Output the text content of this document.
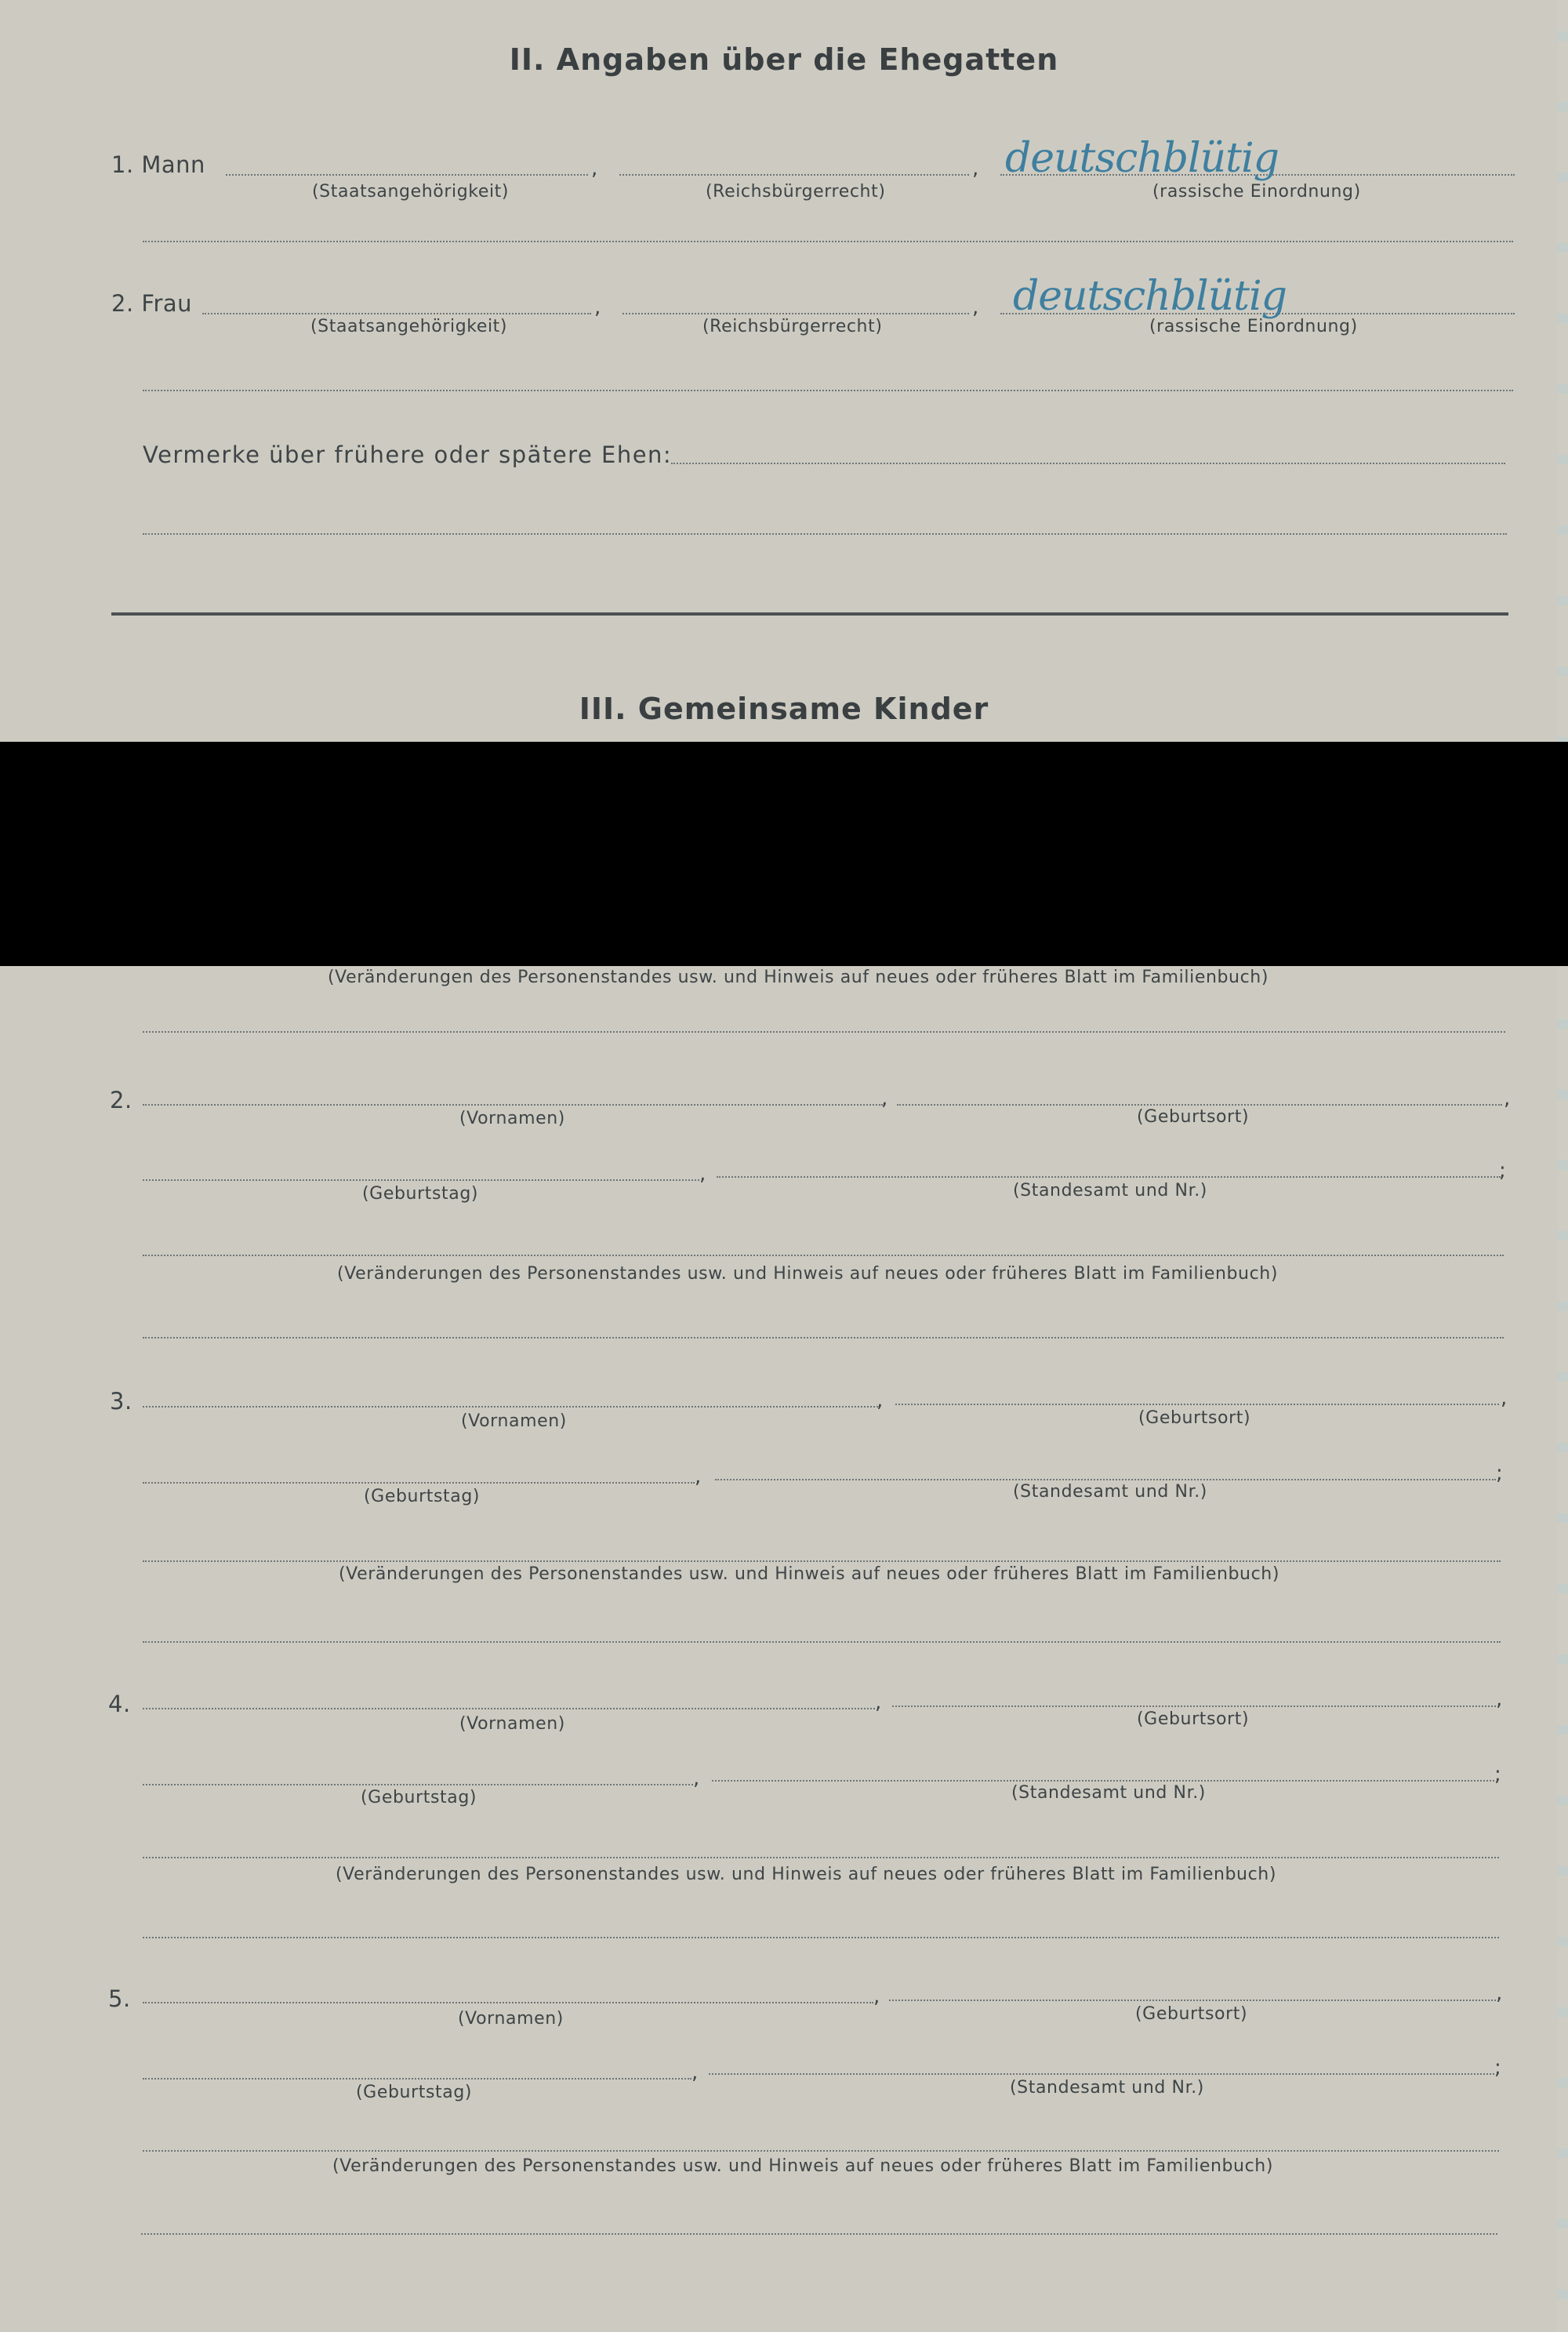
II. Angaben über die Ehegatten
1. Mann	,	, deutschblütig
(Staatsangehörigkeit)	(Reichsbürgerrecht)	(rassische Einordnung)
2. Frau	,	, deutschblütig
(Staatsangehörigkeit)	(Reichsbürgerrecht)	(rassische Einordnung)
Vermerke über frühere oder spätere Ehen:
III. Gemeinsame Kinder
(Veränderungen des Personenstandes usw. und Hinweis auf neues oder früheres Blatt im Familienbuch)
2.	,	,
(Vornamen)	(Geburtsort)
,	;
(Geburtstag)	(Standesamt und Nr.)
(Veränderungen des Personenstandes usw. und Hinweis auf neues oder früheres Blatt im Familienbuch)
3.	,	,
(Vornamen)	(Geburtsort)
,	;
(Geburtstag)	(Standesamt und Nr.)
(Veränderungen des Personenstandes usw. und Hinweis auf neues oder früheres Blatt im Familienbuch)
4.	,	,
(Vornamen)	(Geburtsort)
,	;
(Geburtstag)	(Standesamt und Nr.)
(Veränderungen des Personenstandes usw. und Hinweis auf neues oder früheres Blatt im Familienbuch)
5.	,	,
(Vornamen)	(Geburtsort)
,	;
(Geburtstag)	(Standesamt und Nr.)
(Veränderungen des Personenstandes usw. und Hinweis auf neues oder früheres Blatt im Familienbuch)
